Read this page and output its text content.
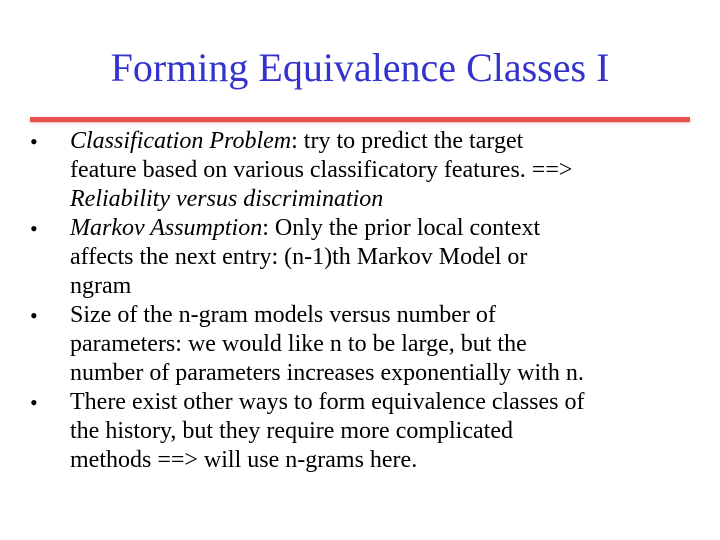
Forming Equivalence Classes I
•	Classification Problem: try to predict the target
feature based on various classificatory features. ==>
Reliability versus discrimination
•	Markov Assumption: Only the prior local context
affects the next entry: (n-1)th Markov Model or
ngram
•	Size of the n-gram models versus number of
parameters: we would like n to be large, but the
number of parameters increases exponentially with n.
•	There exist other ways to form equivalence classes of
the history, but they require more complicated
methods ==> will use n-grams here.
